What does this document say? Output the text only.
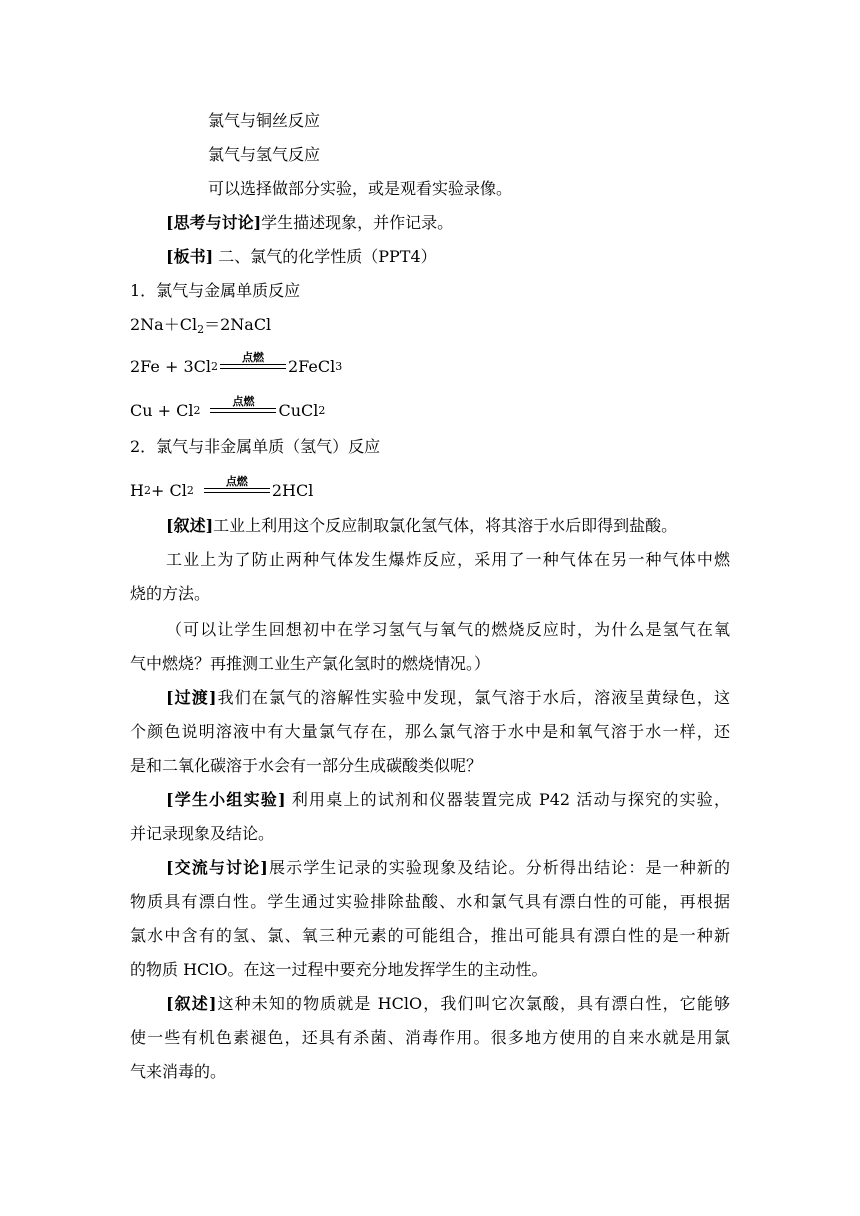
氯气与铜丝反应
氯气与氢气反应
可以选择做部分实验，或是观看实验录像。
[思考与讨论]学生描述现象，并作记录。
[板书] 二、氯气的化学性质（PPT4）
1．氯气与金属单质反应
$2Na+Cl_2=2NaCl$
2Fe + 3Cl 2
点燃 2FeCl 3
Cu + Cl 2
点燃 CuCl 2
2．氯气与非金属单质（氢气）反应
H 2 + Cl 2
点燃 2HCl
[叙述]工业上利用这个反应制取氯化氢气体，将其溶于水后即得到盐酸。
工业上为了防止两种气体发生爆炸反应，采用了一种气体在另一种气体中燃
烧的方法。
（可以让学生回想初中在学习氢气与氧气的燃烧反应时，为什么是氢气在氧
气中燃烧？再推测工业生产氯化氢时的燃烧情况。）
[过渡]我们在氯气的溶解性实验中发现，氯气溶于水后，溶液呈黄绿色，这
个颜色说明溶液中有大量氯气存在，那么氯气溶于水中是和氧气溶于水一样，还
是和二氧化碳溶于水会有一部分生成碳酸类似呢？
[学生小组实验] 利用桌上的试剂和仪器装置完成 P42 活动与探究的实验，
并记录现象及结论。
[交流与讨论]展示学生记录的实验现象及结论。分析得出结论：是一种新的
物质具有漂白性。学生通过实验排除盐酸、水和氯气具有漂白性的可能，再根据
氯水中含有的氢、氯、氧三种元素的可能组合，推出可能具有漂白性的是一种新
的物质 HClO。在这一过程中要充分地发挥学生的主动性。
[叙述]这种未知的物质就是 HClO，我们叫它次氯酸，具有漂白性，它能够
使一些有机色素褪色，还具有杀菌、消毒作用。很多地方使用的自来水就是用氯
气来消毒的。
